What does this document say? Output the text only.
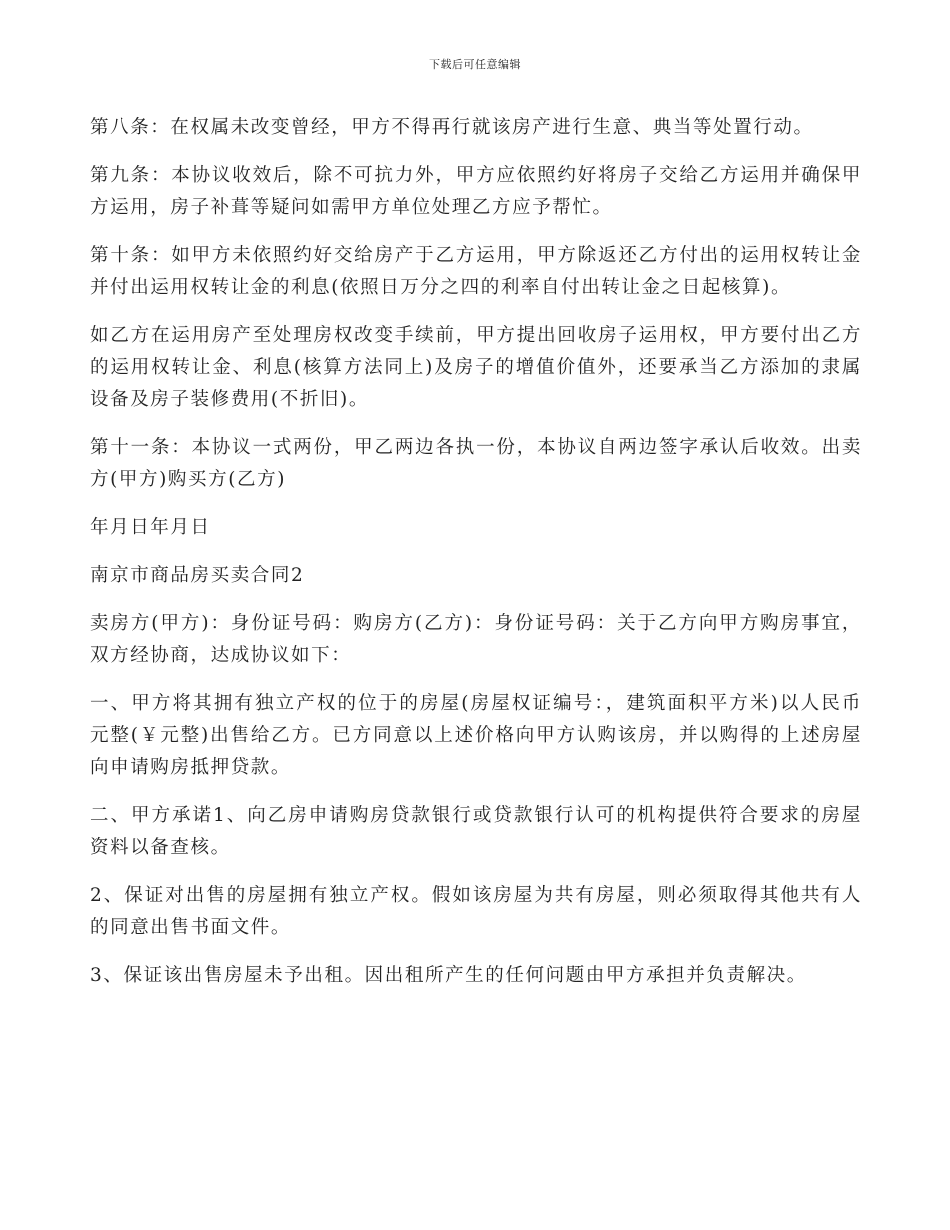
下载后可任意编辑

第八条：在权属未改变曾经，甲方不得再行就该房产进行生意、典当等处置行动。

第九条：本协议收效后，除不可抗力外，甲方应依照约好将房子交给乙方运用并确保甲方运用，房子补葺等疑问如需甲方单位处理乙方应予帮忙。

第十条：如甲方未依照约好交给房产于乙方运用，甲方除返还乙方付出的运用权转让金并付出运用权转让金的利息(依照日万分之四的利率自付出转让金之日起核算)。

如乙方在运用房产至处理房权改变手续前，甲方提出回收房子运用权，甲方要付出乙方的运用权转让金、利息(核算方法同上)及房子的增值价值外，还要承当乙方添加的隶属设备及房子装修费用(不折旧)。

第十一条：本协议一式两份，甲乙两边各执一份，本协议自两边签字承认后收效。出卖方(甲方)购买方(乙方)

年月日年月日

南京市商品房买卖合同2

卖房方(甲方)：身份证号码：购房方(乙方)：身份证号码：关于乙方向甲方购房事宜，双方经协商，达成协议如下：

一、甲方将其拥有独立产权的位于的房屋(房屋权证编号：，建筑面积平方米)以人民币元整(￥元整)出售给乙方。已方同意以上述价格向甲方认购该房，并以购得的上述房屋向申请购房抵押贷款。

二、甲方承诺1、向乙房申请购房贷款银行或贷款银行认可的机构提供符合要求的房屋资料以备查核。

2、保证对出售的房屋拥有独立产权。假如该房屋为共有房屋，则必须取得其他共有人的同意出售书面文件。

3、保证该出售房屋未予出租。因出租所产生的任何问题由甲方承担并负责解决。
